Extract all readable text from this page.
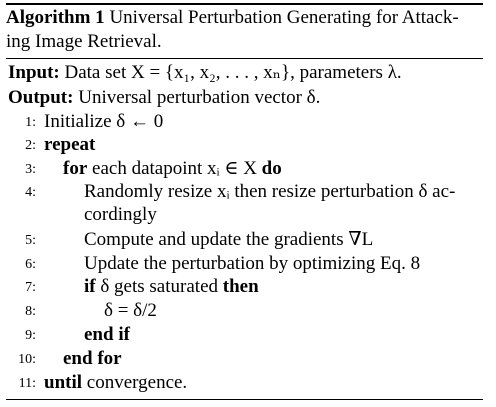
Algorithm 1 Universal Perturbation Generating for Attack-
ing Image Retrieval.
Input: Data set X = {x₁, x₂, . . . , xₙ}, parameters λ.
Output: Universal perturbation vector δ.
1: Initialize δ ← 0
2: repeat
3: for each datapoint xᵢ ∈ X do
4:	Randomly resize xᵢ then resize perturbation δ ac-
cordingly
5:	Compute and update the gradients ∇L
6:	Update the perturbation by optimizing Eq. 8
7:	if δ gets saturated then
8:	δ = δ/2
9:	end if
10: end for
11: until convergence.
